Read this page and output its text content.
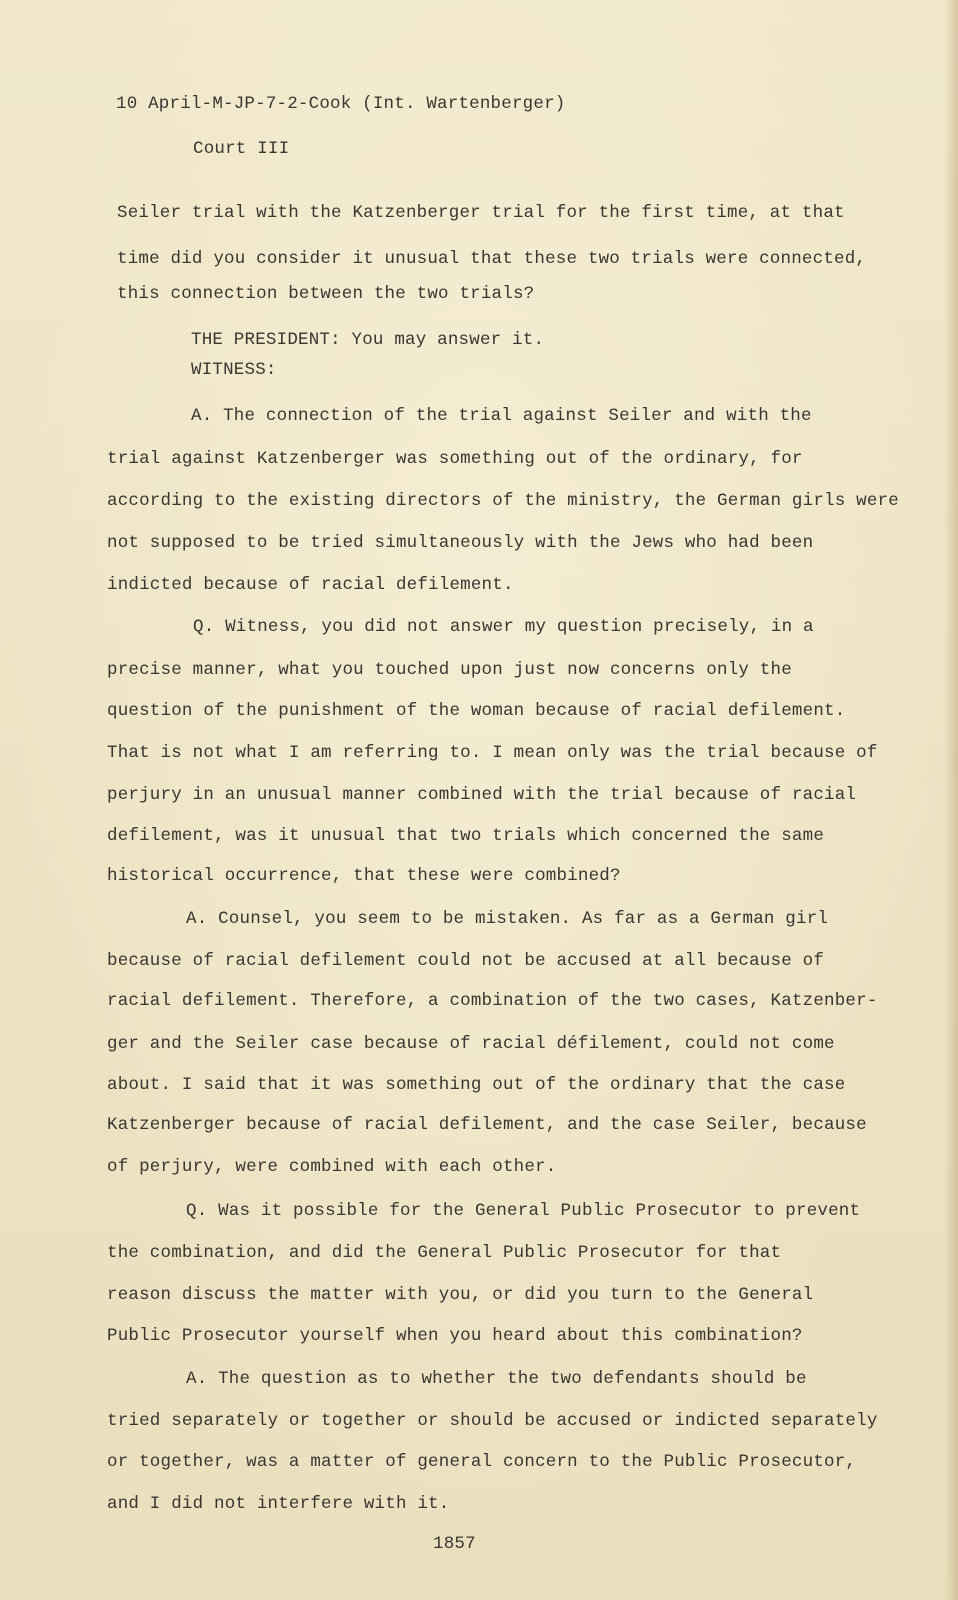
10 April-M-JP-7-2-Cook (Int. Wartenberger)

Court III

Seiler trial with the Katzenberger trial for the first time, at that

time did you consider it unusual that these two trials were connected,

this connection between the two trials?

THE PRESIDENT: You may answer it.

WITNESS:

A. The connection of the trial against Seiler and with the

trial against Katzenberger was something out of the ordinary, for

according to the existing directors of the ministry, the German girls were

not supposed to be tried simultaneously with the Jews who had been

indicted because of racial defilement.

Q. Witness, you did not answer my question precisely, in a

precise manner, what you touched upon just now concerns only the

question of the punishment of the woman because of racial defilement.

That is not what I am referring to. I mean only was the trial because of

perjury in an unusual manner combined with the trial because of racial

defilement, was it unusual that two trials which concerned the same

historical occurrence, that these were combined?

A. Counsel, you seem to be mistaken. As far as a German girl

because of racial defilement could not be accused at all because of

racial defilement. Therefore, a combination of the two cases, Katzenber-

ger and the Seiler case because of racial défilement, could not come

about. I said that it was something out of the ordinary that the case

Katzenberger because of racial defilement, and the case Seiler, because

of perjury, were combined with each other.

Q. Was it possible for the General Public Prosecutor to prevent

the combination, and did the General Public Prosecutor for that

reason discuss the matter with you, or did you turn to the General

Public Prosecutor yourself when you heard about this combination?

A. The question as to whether the two defendants should be

tried separately or together or should be accused or indicted separately

or together, was a matter of general concern to the Public Prosecutor,

and I did not interfere with it.

1857
